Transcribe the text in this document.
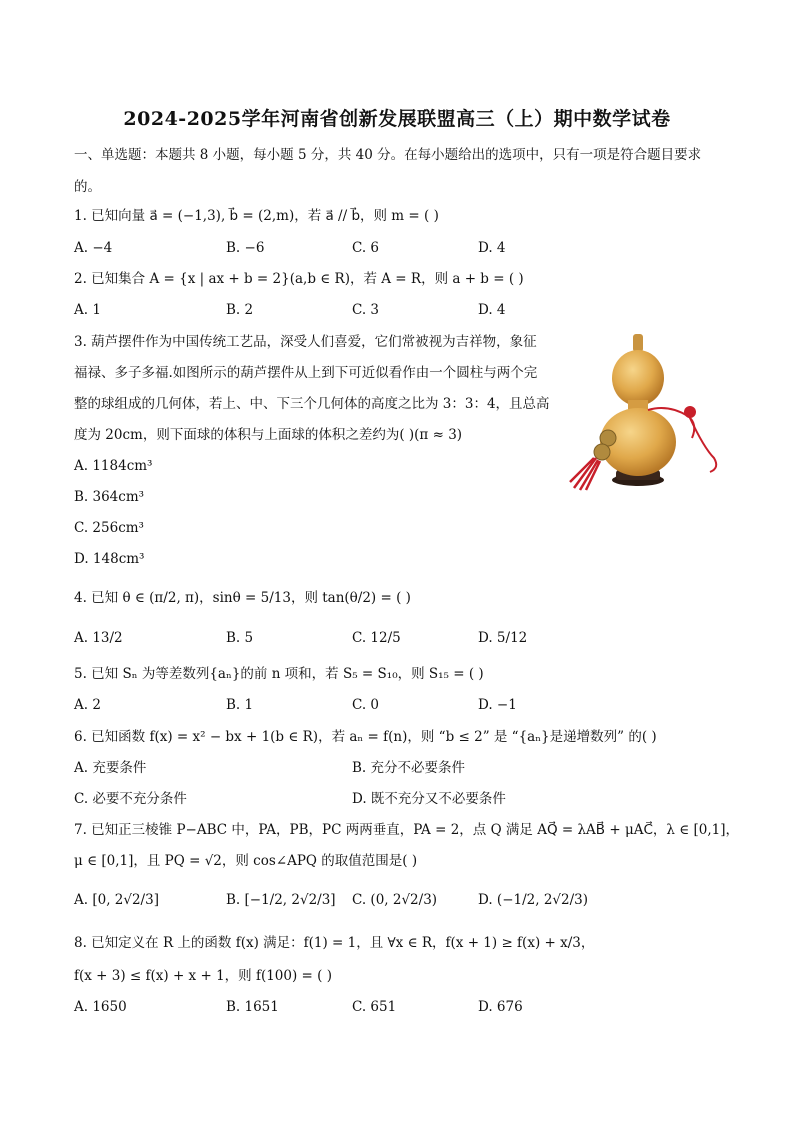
2024-2025学年河南省创新发展联盟高三（上）期中数学试卷
一、单选题：本题共 8 小题，每小题 5 分，共 40 分。在每小题给出的选项中，只有一项是符合题目要求
的。
1. 已知向量 a⃗ = (−1,3), b⃗ = (2,m)，若 a⃗ // b⃗，则 m = ( )
A. −4	B. −6	C. 6	D. 4
2. 已知集合 A = {x | ax + b = 2}(a,b ∈ R)，若 A = R，则 a + b = ( )
A. 1	B. 2	C. 3	D. 4
3. 葫芦摆件作为中国传统工艺品，深受人们喜爱，它们常被视为吉祥物，象征
福禄、多子多福.如图所示的葫芦摆件从上到下可近似看作由一个圆柱与两个完
整的球组成的几何体，若上、中、下三个几何体的高度之比为 3：3：4，且总高
度为 20cm，则下面球的体积与上面球的体积之差约为( )(π ≈ 3)
A. 1184cm³
B. 364cm³
C. 256cm³
D. 148cm³
4. 已知 θ ∈ (π/2, π)，sinθ = 5/13，则 tan(θ/2) = ( )
A. 13/2	B. 5	C. 12/5	D. 5/12
5. 已知 Sₙ 为等差数列{aₙ}的前 n 项和，若 S₅ = S₁₀，则 S₁₅ = ( )
A. 2	B. 1	C. 0	D. −1
6. 已知函数 f(x) = x² − bx + 1(b ∈ R)，若 aₙ = f(n)，则 “b ≤ 2” 是 “{aₙ}是递增数列” 的( )
A. 充要条件	B. 充分不必要条件
C. 必要不充分条件	D. 既不充分又不必要条件
7. 已知正三棱锥 P−ABC 中，PA，PB，PC 两两垂直，PA = 2，点 Q 满足 AQ⃗ = λAB⃗ + μAC⃗，λ ∈ [0,1]，
μ ∈ [0,1]，且 PQ = √2，则 cos∠APQ 的取值范围是( )
A. [0, 2√2/3]	B. [−1/2, 2√2/3] C. (0, 2√2/3)	D. (−1/2, 2√2/3)
8. 已知定义在 R 上的函数 f(x) 满足：f(1) = 1，且 ∀x ∈ R，f(x + 1) ≥ f(x) + x/3，
f(x + 3) ≤ f(x) + x + 1，则 f(100) = ( )
A. 1650	B. 1651	C. 651	D. 676
